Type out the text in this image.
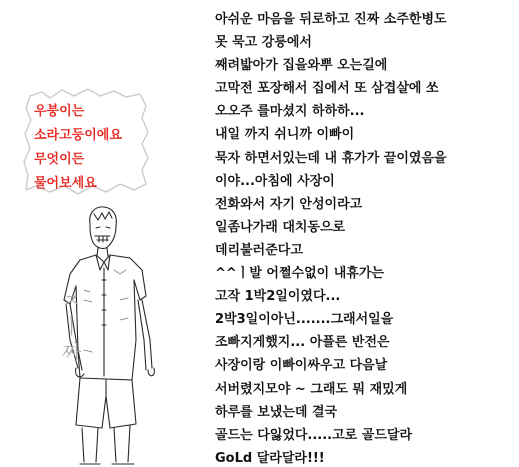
우붕이는
소라고둥이에요
무엇이든
물어보세요
ㅈㅣ짜
아쉬운 마음을 뒤로하고 진짜 소주한병도
못 묵고 강릉에서
째려밟아가 집을와뿌 오는길에
고막전 포장해서 집에서 또 삼겹살에 쏘
오오주 를마셨지 하하하...
내일 까지 쉬니까 이빠이
묵자 하면서있는데 내 휴가가 끝이였음을
이야...아침에 사장이
전화와서 자기 안성이라고
일좀나가래 대치동으로
데리불러준다고
^^ㅣ발 어쩔수없이 내휴가는
고작 1박2일이였다...
2박3일이아닌.......그래서일을
조빠지게했지... 아플른 반전은
사장이랑 이빠이싸우고 다음날
서버렸지모야 ~ 그래도 뭐 재밌게
하루를 보냈는데 결국
골드는 다잃었다.....고로 골드달라
GoLd 달라달라!!!
